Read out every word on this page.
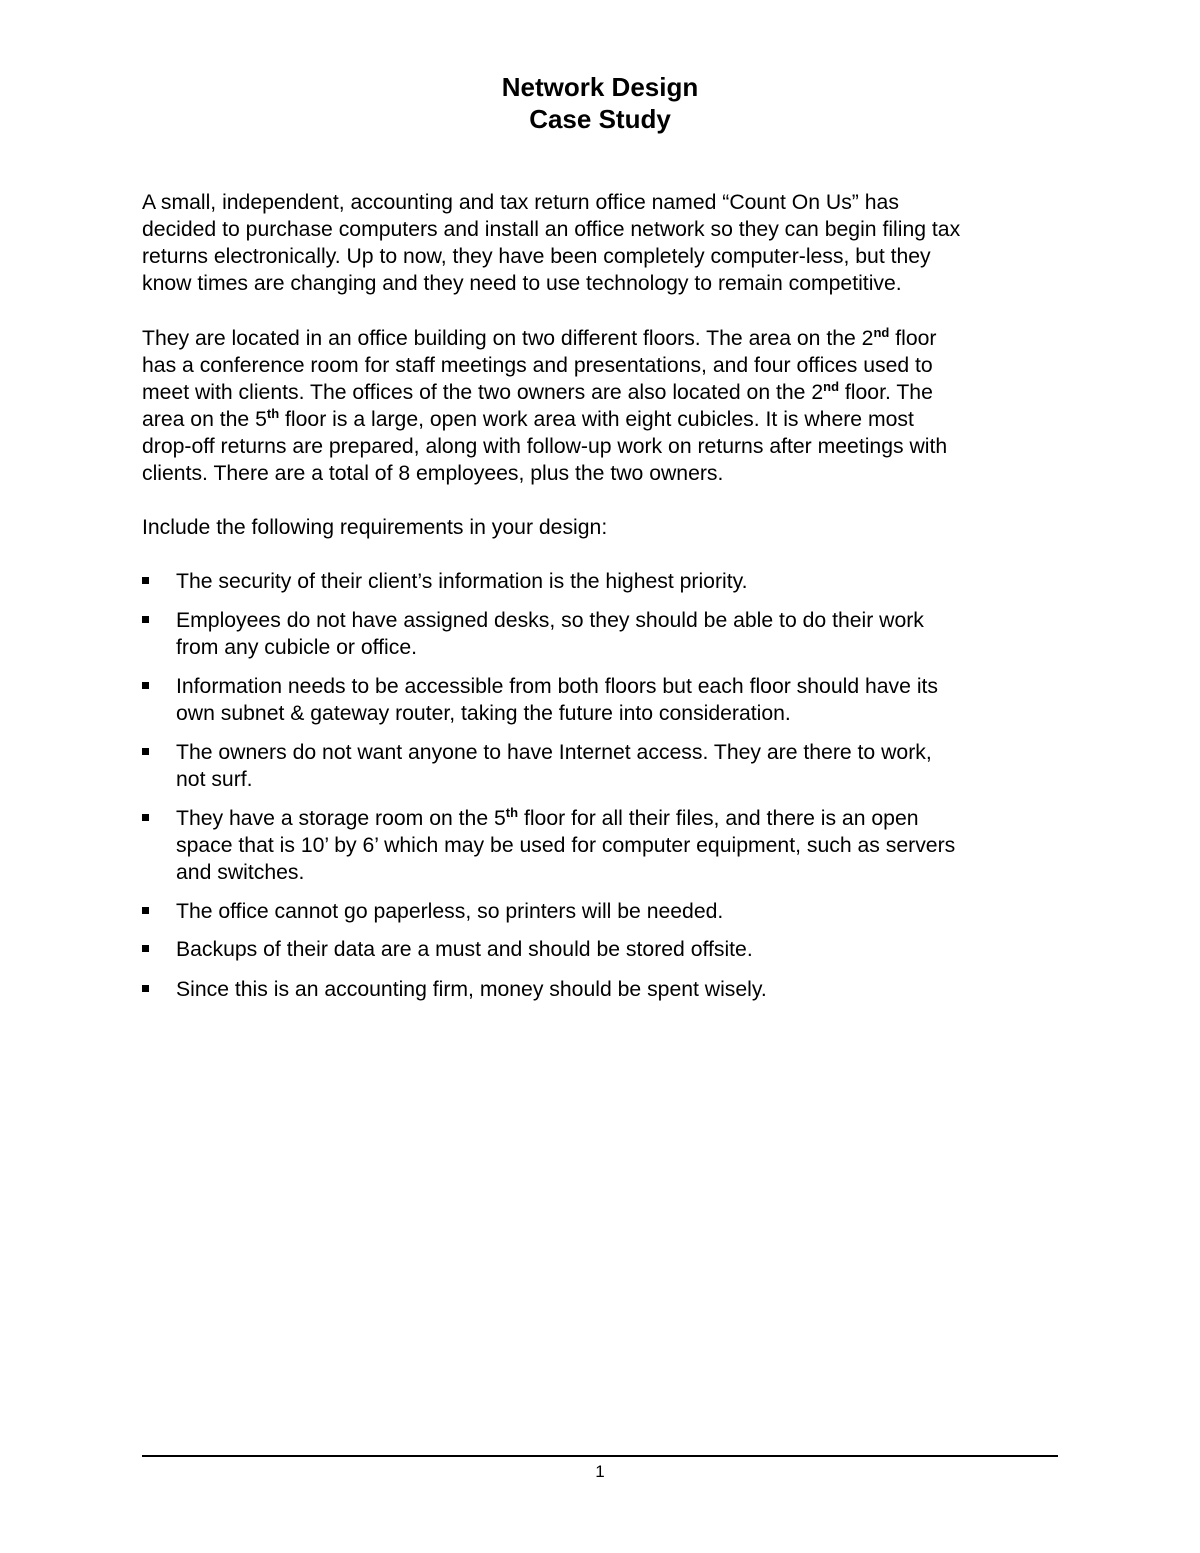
Network Design
Case Study

A small, independent, accounting and tax return office named “Count On Us” has
decided to purchase computers and install an office network so they can begin filing tax
returns electronically. Up to now, they have been completely computer-less, but they
know times are changing and they need to use technology to remain competitive.

They are located in an office building on two different floors. The area on the 2nd floor
has a conference room for staff meetings and presentations, and four offices used to
meet with clients. The offices of the two owners are also located on the 2nd floor. The
area on the 5th floor is a large, open work area with eight cubicles. It is where most
drop-off returns are prepared, along with follow-up work on returns after meetings with
clients. There are a total of 8 employees, plus the two owners.

Include the following requirements in your design:

The security of their client’s information is the highest priority.
Employees do not have assigned desks, so they should be able to do their work
from any cubicle or office.
Information needs to be accessible from both floors but each floor should have its
own subnet & gateway router, taking the future into consideration.
The owners do not want anyone to have Internet access. They are there to work,
not surf.
They have a storage room on the 5th floor for all their files, and there is an open
space that is 10’ by 6’ which may be used for computer equipment, such as servers
and switches.
The office cannot go paperless, so printers will be needed.
Backups of their data are a must and should be stored offsite.
Since this is an accounting firm, money should be spent wisely.
1
